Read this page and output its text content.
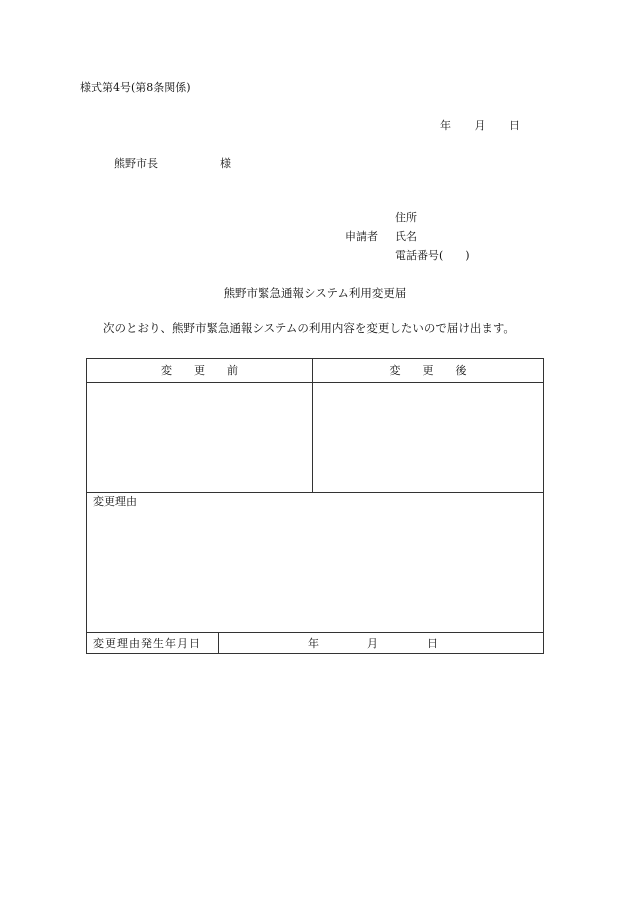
様式第4号(第8条関係)
年 月 日
熊野市長	様
住所
申請者 氏名
電話番号(　　)
熊野市緊急通報システム利用変更届
次のとおり、熊野市緊急通報システムの利用内容を変更したいので届け出ます。
変　　更　　前	変　　更　　後
変更理由
変更理由発生年月日	年	月	日
